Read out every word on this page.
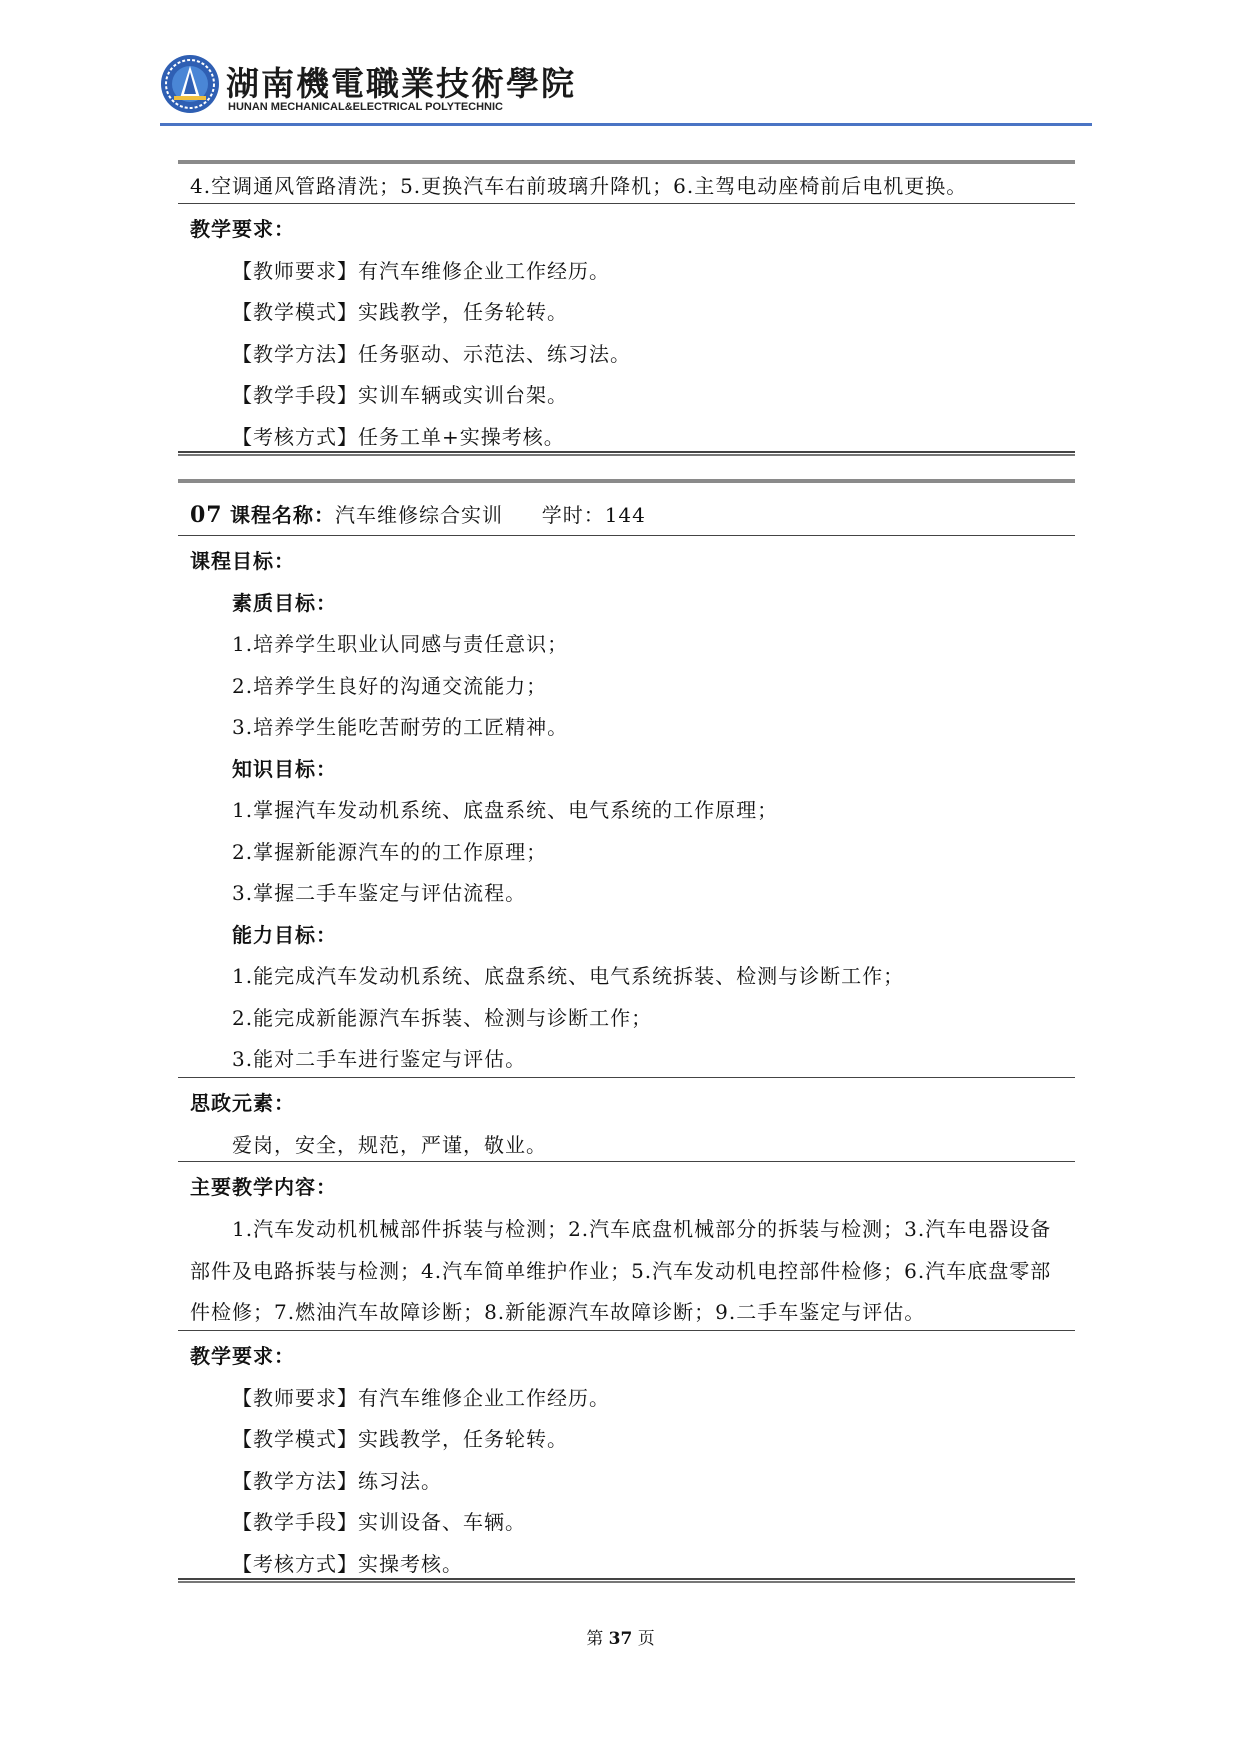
湖南機電職業技術學院
HUNAN MECHANICAL&ELECTRICAL POLYTECHNIC
4.空调通风管路清洗；5.更换汽车右前玻璃升降机；6.主驾电动座椅前后电机更换。
教学要求：
【教师要求】有汽车维修企业工作经历。
【教学模式】实践教学，任务轮转。
【教学方法】任务驱动、示范法、练习法。
【教学手段】实训车辆或实训台架。
【考核方式】任务工单+实操考核。
07 课程名称：汽车维修综合实训 学时：144
课程目标：
素质目标：
1.培养学生职业认同感与责任意识；
2.培养学生良好的沟通交流能力；
3.培养学生能吃苦耐劳的工匠精神。
知识目标：
1.掌握汽车发动机系统、底盘系统、电气系统的工作原理；
2.掌握新能源汽车的的工作原理；
3.掌握二手车鉴定与评估流程。
能力目标：
1.能完成汽车发动机系统、底盘系统、电气系统拆装、检测与诊断工作；
2.能完成新能源汽车拆装、检测与诊断工作；
3.能对二手车进行鉴定与评估。
思政元素：
爱岗，安全，规范，严谨，敬业。
主要教学内容：
1.汽车发动机机械部件拆装与检测；2.汽车底盘机械部分的拆装与检测；3.汽车电器设备
部件及电路拆装与检测；4.汽车简单维护作业；5.汽车发动机电控部件检修；6.汽车底盘零部
件检修；7.燃油汽车故障诊断；8.新能源汽车故障诊断；9.二手车鉴定与评估。
教学要求：
【教师要求】有汽车维修企业工作经历。
【教学模式】实践教学，任务轮转。
【教学方法】练习法。
【教学手段】实训设备、车辆。
【考核方式】实操考核。
第 37 页
